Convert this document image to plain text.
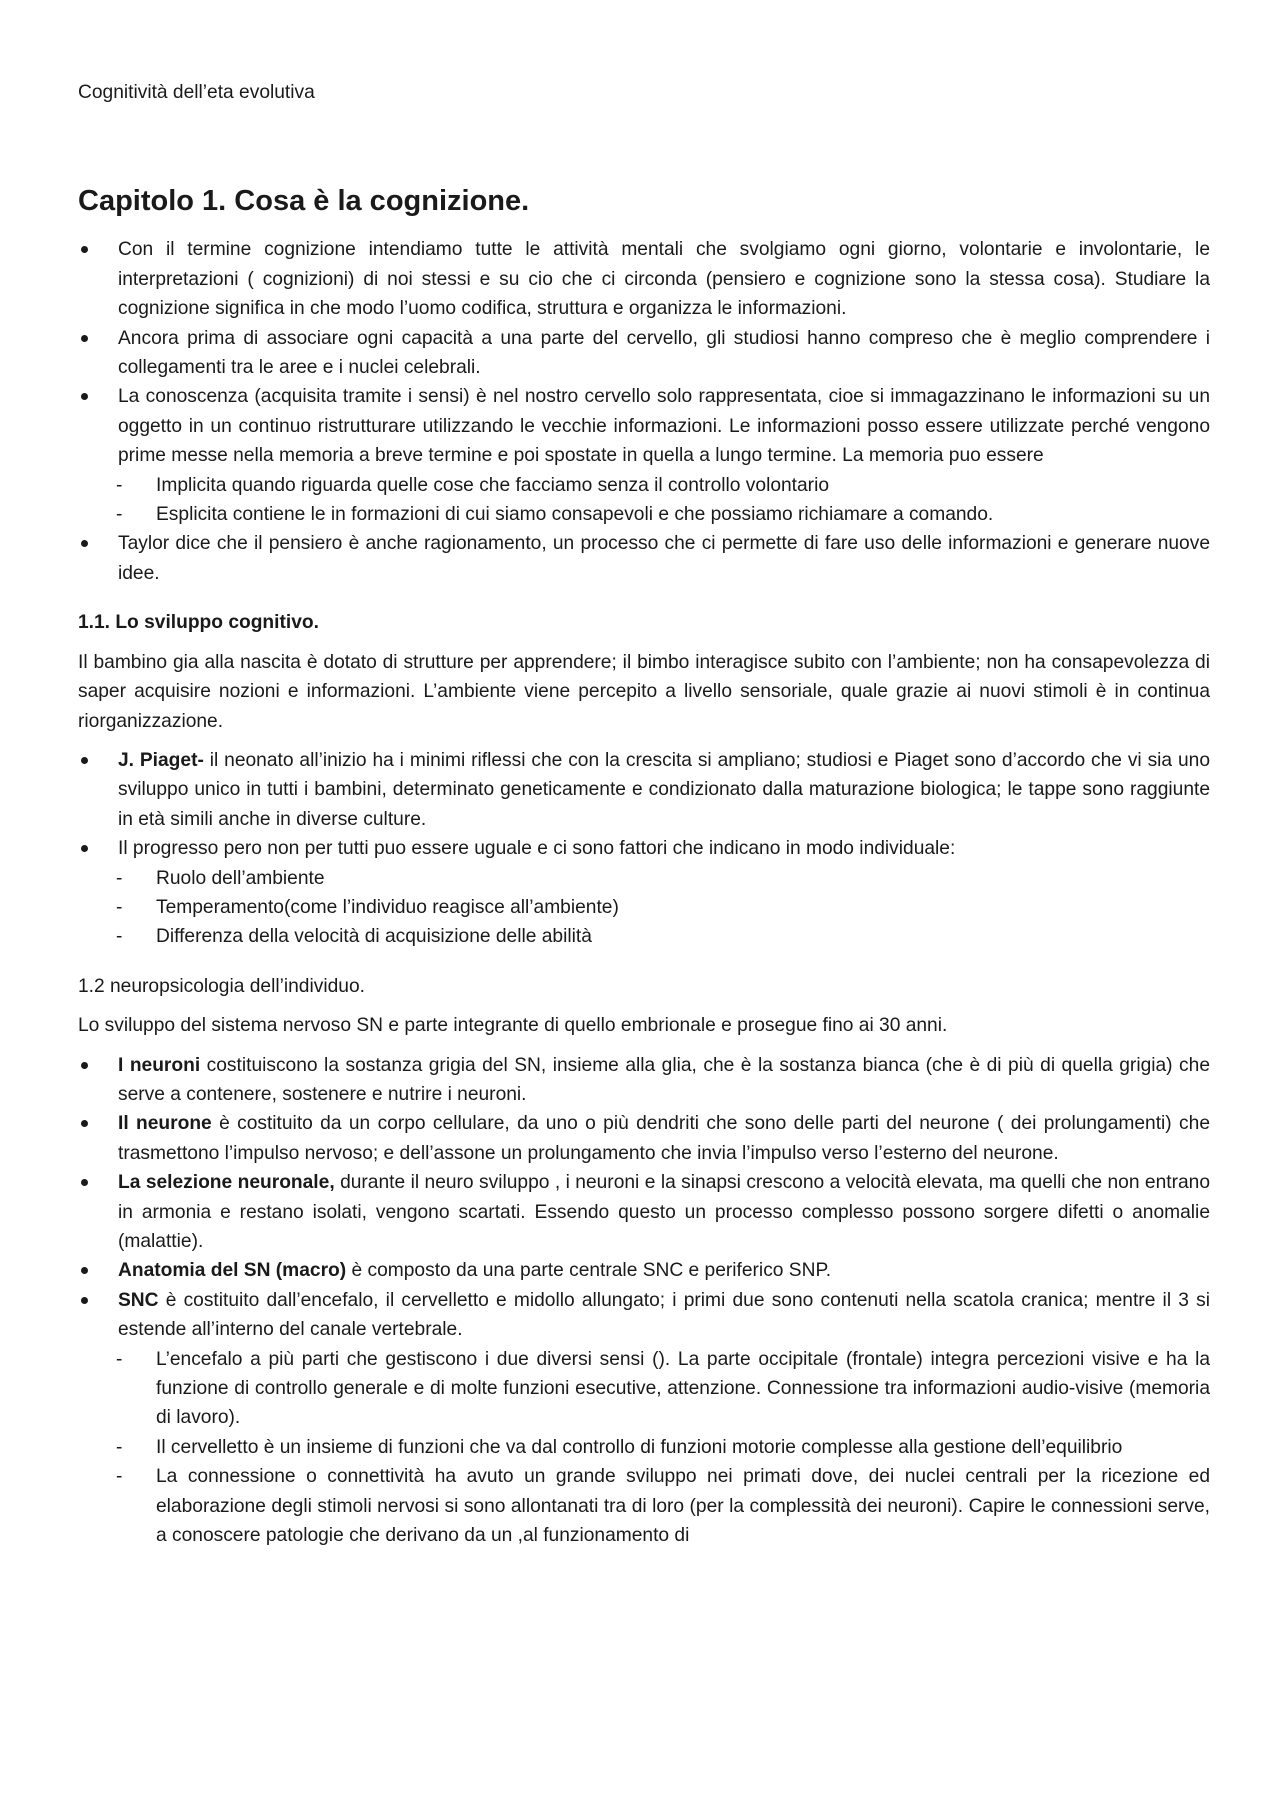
Cognitività dell’eta evolutiva
Capitolo 1. Cosa è la cognizione.
Con il termine cognizione intendiamo tutte le attività mentali che svolgiamo ogni giorno, volontarie e involontarie, le interpretazioni ( cognizioni) di noi stessi e su cio che ci circonda (pensiero e cognizione sono la stessa cosa). Studiare la cognizione significa in che modo l’uomo codifica, struttura e organizza le informazioni.
Ancora prima di associare ogni capacità a una parte del cervello, gli studiosi hanno compreso che è meglio comprendere i collegamenti tra le aree e i nuclei celebrali.
La conoscenza (acquisita tramite i sensi) è nel nostro cervello solo rappresentata, cioe si immagazzinano le informazioni su un oggetto in un continuo ristrutturare utilizzando le vecchie informazioni. Le informazioni posso essere utilizzate perché vengono prime messe nella memoria a breve termine e poi spostate in quella a lungo termine. La memoria puo essere
- Implicita quando riguarda quelle cose che facciamo senza il controllo volontario
- Esplicita contiene le in formazioni di cui siamo consapevoli e che possiamo richiamare a comando.
Taylor dice che il pensiero è anche ragionamento, un processo che ci permette di fare uso delle informazioni e generare nuove idee.
1.1. Lo sviluppo cognitivo.

Il bambino gia alla nascita è dotato di strutture per apprendere; il bimbo interagisce subito con l’ambiente; non ha consapevolezza di saper acquisire nozioni e informazioni. L’ambiente viene percepito a livello sensoriale, quale grazie ai nuovi stimoli è in continua riorganizzazione.

J. Piaget- il neonato all’inizio ha i minimi riflessi che con la crescita si ampliano; studiosi e Piaget sono d’accordo che vi sia uno sviluppo unico in tutti i bambini, determinato geneticamente e condizionato dalla maturazione biologica; le tappe sono raggiunte in età simili anche in diverse culture.
Il progresso pero non per tutti puo essere uguale e ci sono fattori che indicano in modo individuale:
- Ruolo dell’ambiente
- Temperamento(come l’individuo reagisce all’ambiente)
- Differenza della velocità di acquisizione delle abilità
1.2 neuropsicologia dell’individuo.

Lo sviluppo del sistema nervoso SN e parte integrante di quello embrionale e prosegue fino ai 30 anni.

I neuroni costituiscono la sostanza grigia del SN, insieme alla glia, che è la sostanza bianca (che è di più di quella grigia) che serve a contenere, sostenere e nutrire i neuroni.
Il neurone è costituito da un corpo cellulare, da uno o più dendriti che sono delle parti del neurone ( dei prolungamenti) che trasmettono l’impulso nervoso; e dell’assone un prolungamento che invia l’impulso verso l’esterno del neurone.
La selezione neuronale, durante il neuro sviluppo , i neuroni e la sinapsi crescono a velocità elevata, ma quelli che non entrano in armonia e restano isolati, vengono scartati. Essendo questo un processo complesso possono sorgere difetti o anomalie (malattie).
Anatomia del SN (macro) è composto da una parte centrale SNC e periferico SNP.
SNC è costituito dall’encefalo, il cervelletto e midollo allungato; i primi due sono contenuti nella scatola cranica; mentre il 3 si estende all’interno del canale vertebrale.
- L’encefalo a più parti che gestiscono i due diversi sensi (). La parte occipitale (frontale) integra percezioni visive e ha la funzione di controllo generale e di molte funzioni esecutive, attenzione. Connessione tra informazioni audio-visive (memoria di lavoro).
- Il cervelletto è un insieme di funzioni che va dal controllo di funzioni motorie complesse alla gestione dell’equilibrio
- La connessione o connettività ha avuto un grande sviluppo nei primati dove, dei nuclei centrali per la ricezione ed elaborazione degli stimoli nervosi si sono allontanati tra di loro (per la complessità dei neuroni). Capire le connessioni serve, a conoscere patologie che derivano da un ,al funzionamento di
